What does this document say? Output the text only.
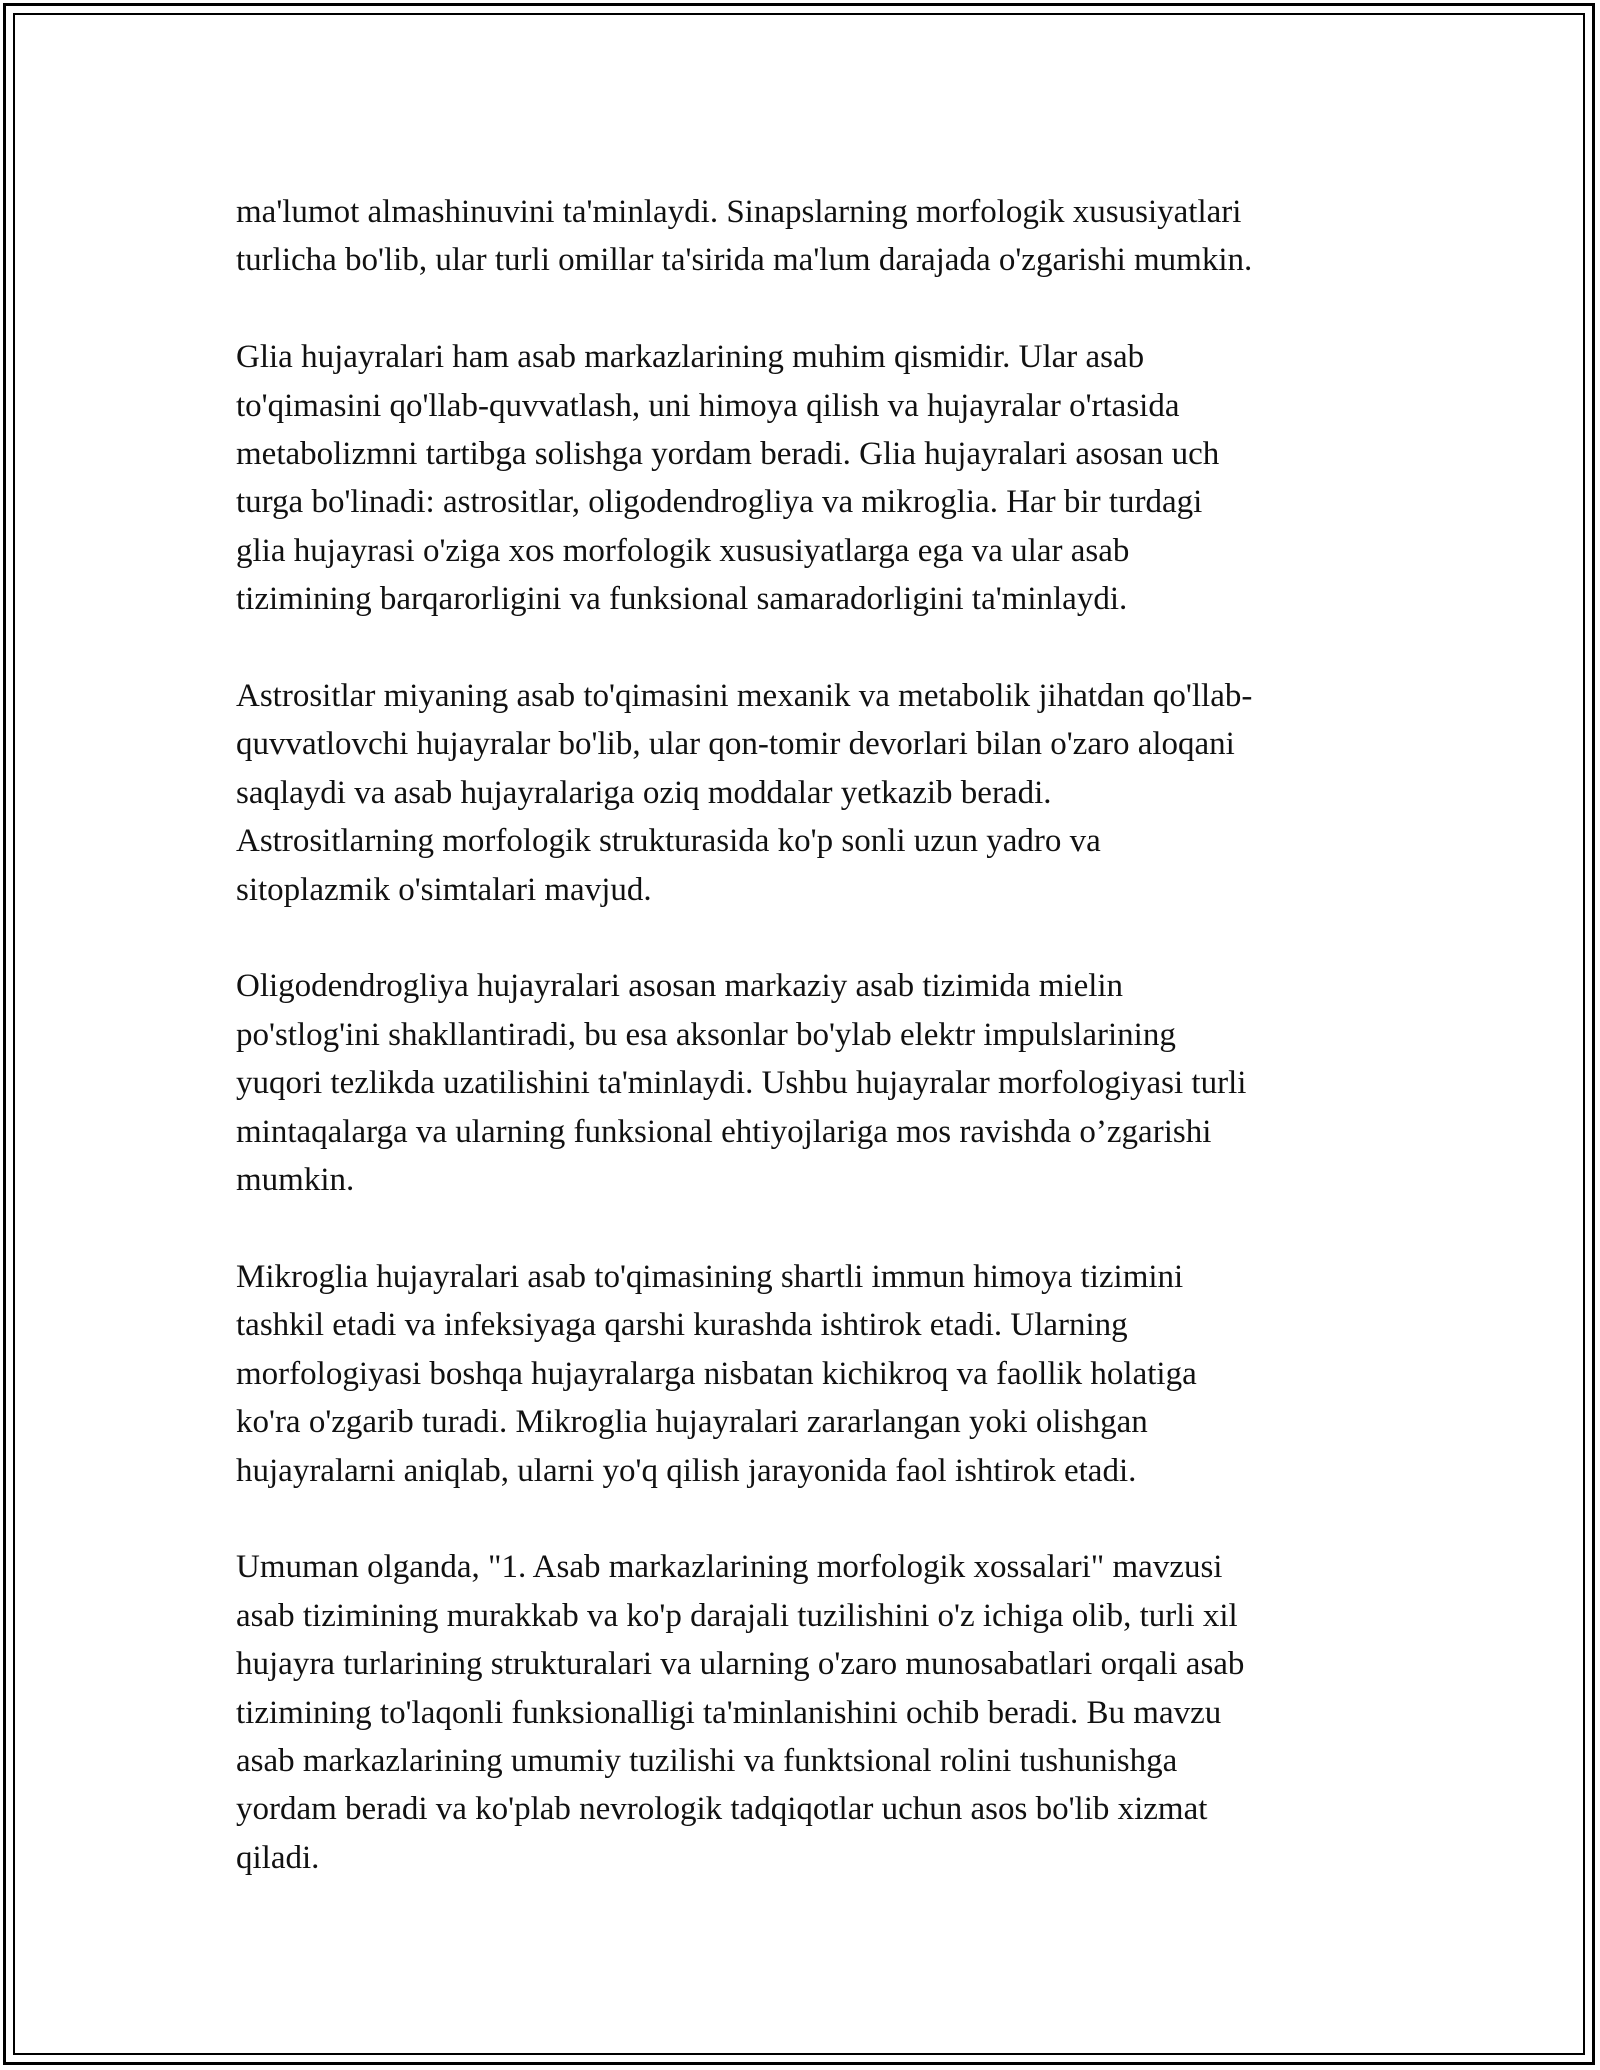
ma'lumot almashinuvini ta'minlaydi. Sinapslarning morfologik xususiyatlari
turlicha bo'lib, ular turli omillar ta'sirida ma'lum darajada o'zgarishi mumkin.

Glia hujayralari ham asab markazlarining muhim qismidir. Ular asab
to'qimasini qo'llab-quvvatlash, uni himoya qilish va hujayralar o'rtasida
metabolizmni tartibga solishga yordam beradi. Glia hujayralari asosan uch
turga bo'linadi: astrositlar, oligodendrogliya va mikroglia. Har bir turdagi
glia hujayrasi o'ziga xos morfologik xususiyatlarga ega va ular asab
tizimining barqarorligini va funksional samaradorligini ta'minlaydi.

Astrositlar miyaning asab to'qimasini mexanik va metabolik jihatdan qo'llab-
quvvatlovchi hujayralar bo'lib, ular qon-tomir devorlari bilan o'zaro aloqani
saqlaydi va asab hujayralariga oziq moddalar yetkazib beradi.
Astrositlarning morfologik strukturasida ko'p sonli uzun yadro va
sitoplazmik o'simtalari mavjud.

Oligodendrogliya hujayralari asosan markaziy asab tizimida mielin
po'stlog'ini shakllantiradi, bu esa aksonlar bo'ylab elektr impulslarining
yuqori tezlikda uzatilishini ta'minlaydi. Ushbu hujayralar morfologiyasi turli
mintaqalarga va ularning funksional ehtiyojlariga mos ravishda o’zgarishi
mumkin.

Mikroglia hujayralari asab to'qimasining shartli immun himoya tizimini
tashkil etadi va infeksiyaga qarshi kurashda ishtirok etadi. Ularning
morfologiyasi boshqa hujayralarga nisbatan kichikroq va faollik holatiga
ko'ra o'zgarib turadi. Mikroglia hujayralari zararlangan yoki olishgan
hujayralarni aniqlab, ularni yo'q qilish jarayonida faol ishtirok etadi.

Umuman olganda, "1. Asab markazlarining morfologik xossalari" mavzusi
asab tizimining murakkab va ko'p darajali tuzilishini o'z ichiga olib, turli xil
hujayra turlarining strukturalari va ularning o'zaro munosabatlari orqali asab
tizimining to'laqonli funksionalligi ta'minlanishini ochib beradi. Bu mavzu
asab markazlarining umumiy tuzilishi va funktsional rolini tushunishga
yordam beradi va ko'plab nevrologik tadqiqotlar uchun asos bo'lib xizmat
qiladi.
